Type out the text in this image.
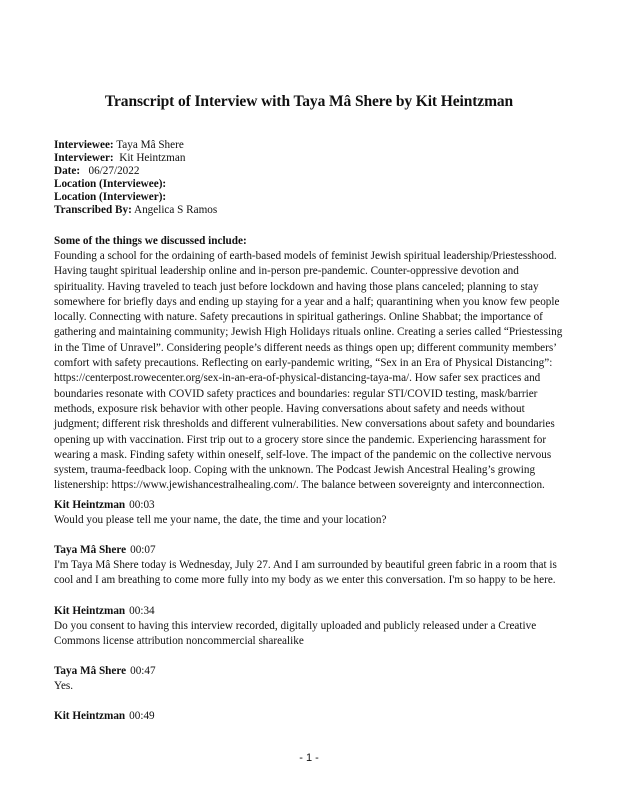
Transcript of Interview with Taya Mâ Shere by Kit Heintzman
Interviewee: Taya Mâ Shere
Interviewer:  Kit Heintzman
Date:   06/27/2022
Location (Interviewee):
Location (Interviewer):
Transcribed By: Angelica S Ramos
Some of the things we discussed include:
Founding a school for the ordaining of earth-based models of feminist Jewish spiritual leadership/Priestesshood.
Having taught spiritual leadership online and in-person pre-pandemic. Counter-oppressive devotion and
spirituality. Having traveled to teach just before lockdown and having those plans canceled; planning to stay
somewhere for briefly days and ending up staying for a year and a half; quarantining when you know few people
locally. Connecting with nature. Safety precautions in spiritual gatherings. Online Shabbat; the importance of
gathering and maintaining community; Jewish High Holidays rituals online. Creating a series called “Priestessing
in the Time of Unravel”. Considering people’s different needs as things open up; different community members’
comfort with safety precautions. Reflecting on early-pandemic writing, “Sex in an Era of Physical Distancing”:
https://centerpost.rowecenter.org/sex-in-an-era-of-physical-distancing-taya-ma/. How safer sex practices and
boundaries resonate with COVID safety practices and boundaries: regular STI/COVID testing, mask/barrier
methods, exposure risk behavior with other people. Having conversations about safety and needs without
judgment; different risk thresholds and different vulnerabilities. New conversations about safety and boundaries
opening up with vaccination. First trip out to a grocery store since the pandemic. Experiencing harassment for
wearing a mask. Finding safety within oneself, self-love. The impact of the pandemic on the collective nervous
system, trauma-feedback loop. Coping with the unknown. The Podcast Jewish Ancestral Healing’s growing
listenership: https://www.jewishancestralhealing.com/. The balance between sovereignty and interconnection.
Kit Heintzman 00:03
Would you please tell me your name, the date, the time and your location?
Taya Mâ Shere 00:07
I'm Taya Mâ Shere today is Wednesday, July 27. And I am surrounded by beautiful green fabric in a room that is
cool and I am breathing to come more fully into my body as we enter this conversation. I'm so happy to be here.
Kit Heintzman 00:34
Do you consent to having this interview recorded, digitally uploaded and publicly released under a Creative
Commons license attribution noncommercial sharealike
Taya Mâ Shere 00:47
Yes.
Kit Heintzman 00:49
- 1 -
